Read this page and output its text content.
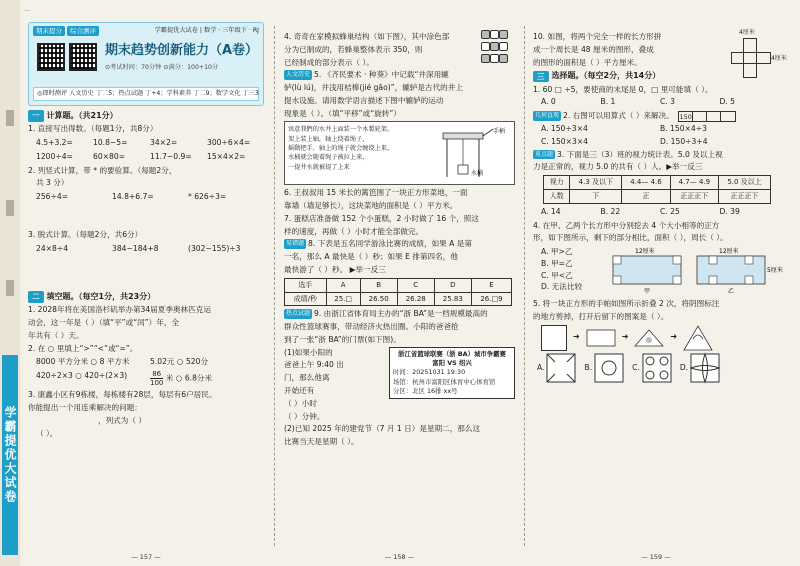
学霸提优大试卷
...
期末提分	综合测评	学霸提优大试卷 | 数学 · 三年级下 · RJ
期末趋势创新能力（A卷）
⊙考试时间：70分钟 ⊙满分：100+10分
◎即时测评 人文历史 丁二5；热点试题 丁+4；学科素养 丁二9；数学文化 丁三3
一 计算题。（共21分）
1. 直接写出得数。（每题1分，共8分）
4.5+3.2=	10.8−5=	34×2=	300÷6×4=
1200÷4=	60×80=	11.7−0.9=	15×4×2=
2. 列竖式计算，带 * 的要验算。（每题2分，
共 3 分）
256÷4=	14.8+6.7=	* 626÷3=
3. 脱式计算。（每题2分，共6分）
24×8÷4	384−184+8	(302−155)÷3
二 填空题。（每空1分，共23分）
1. 2028年将在美国洛杉矶举办第34届夏季奥林匹克运
动会，这一年是（ ）（填“平”或“闰”）年，全
年共有（ ）天。
2. 在 ○ 里填上“>”“<”或“=”。
8000 平方分米 ○ 8 平方米	5.02元 ○ 520分
420÷2×3 ○ 420÷(2×3)	$\frac{86}{100}$ 米 ○ 6.8分米
3. 康鑫小区有9栋楼，每栋楼有28层，每层有6户居民。
你能提出一个用连乘解决的问题：
，列式为（ ）
（ ）。
— 157 —

4. 奇奇在家模拟蜂巢结构（如下图），其中涂色部
分为已制成的，若蜂巢整体表示 350，则
已经制成的部分表示（ ）。
人文历史 5. 《齐民要术 · 种葵》中记载“井深用辘
轳(lù lú)，井浅用桔槔(jié gāo)”，辘轳是古代的井上
提水设施。请用数学语言描述下图中辘轳的运动
现象是（ ）。（填“平移”或“旋转”）
寓意我們的水井上面装一个木製轮架，
架上装上轴，轴上绕着绳子，
摇動把手，轴上的绳子就会缠绕上来，
水桶就会随着绳子被拉上来，
一提井水就被提了上来
手柄
水桶
6. 王叔叔用 15 米长的篱笆围了一块正方形菜地，一面
靠墙（墙足够长），这块菜地的面积是（ ）平方米。
7. 蛋糕店准备做 152 个小蛋糕，2 小时做了 16 个，照这
样的速度，再做（ ）小时才能全部做完。
易错题 8. 下表是五名同学游泳比赛的成绩，如果 A 是第
一名，那么 A 最快是（ ）秒；如果 E 排第四名，他
最快游了（ ）秒。 ▶举一反三
选手	A	B	C	D	E
成绩/秒	25.□	26.50	26.28	25.83	26.□9
热点试题 9. 由浙江省体育局主办的“浙 BA”是一档规模最高的
群众性篮球赛事，带动经济火热出圈。小阳的爸爸抢
到了一张“浙 BA”的门票(如下图)。
浙江省篮球联赛（浙 BA）城市争霸赛
富阳 VS 绍兴
时间：20251031 19:30
场馆：杭州市富阳区体育中心体育馆
分区：北区 16排 xx号
(1)如果小阳的
爸爸上午 9:40 出
门，那么他离
开始还有
（ ）小时
（ ）分钟。
(2)已知 2025 年的建党节（7 月 1 日）是星期二，那么这
比赛当天是星期（ ）。
— 158 —
4厘米
4厘米
10. 如图，将两个完全一样的长方形拼
成一个周长是 48 厘米的图形，叠成
的图形的面积是（ ）平方厘米。
三 选择题。（每空2分，共14分）
1. 60 □ ÷5，要使商的末尾是 0，□ 里可能填（ ）。
A. 0	B. 1	C. 3	D. 5
几何直观 2. 右图可以用算式（ ）来解决。 150
A. 150÷3×4	B. 150×4÷3
C. 150×3×4	D. 150÷3+4
重点题 3. 下面是三（3）班的视力统计表。5.0 及以上视
力是正常的，视力 5.0 的共有（ ）人。▶举一反三
视力	4.3 及以下	4.4— 4.6	4.7— 4.9	5.0 及以上
人数	下	正	正正正下	正正正下
A. 14	B. 22	C. 25	D. 39
4. 在甲、乙两个长方形中分别挖去 4 个大小相等的正方
形，如下图所示，剩下的部分相比，面积（ ），周长（ ）。
A. 甲>乙
B. 甲=乙
C. 甲<乙
D. 无法比较
12厘米
甲
12厘米
5厘米
乙
5. 将一块正方形的手帕如图所示折叠 2 次，将阴图标注
的地方剪掉，打开后留下的图案是（ ）。
➜	➜	➜
A.	B.	C.	D.
— 159 —
